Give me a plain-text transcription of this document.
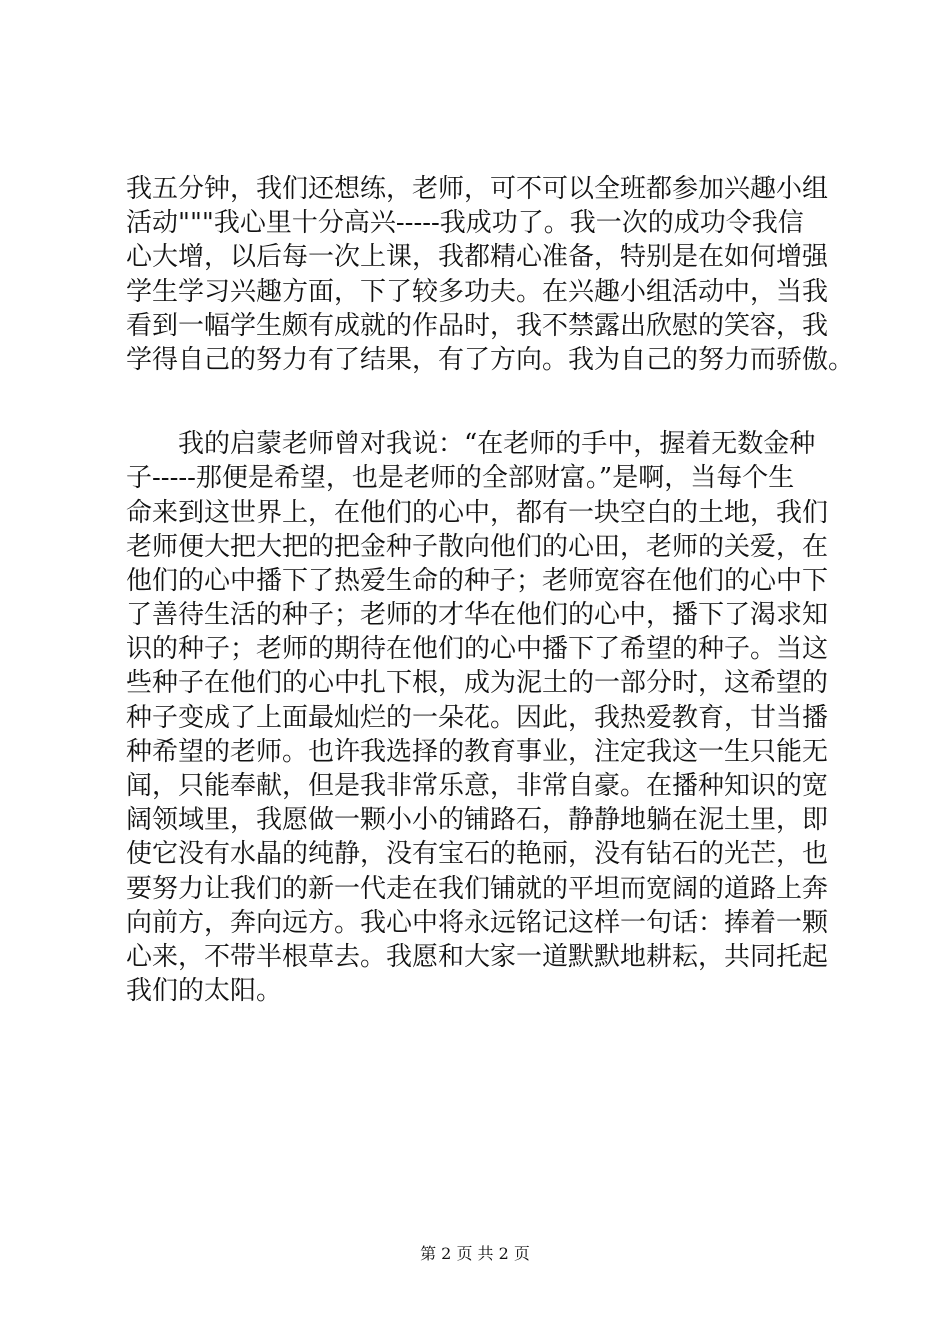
我五分钟，我们还想练，老师，可不可以全班都参加兴趣小组
活动"""我心里十分高兴-----我成功了。我一次的成功令我信
心大增，以后每一次上课，我都精心准备，特别是在如何增强
学生学习兴趣方面，下了较多功夫。在兴趣小组活动中，当我
看到一幅学生颇有成就的作品时，我不禁露出欣慰的笑容，我
学得自己的努力有了结果，有了方向。我为自己的努力而骄傲。
　　我的启蒙老师曾对我说：“在老师的手中，握着无数金种
子-----那便是希望，也是老师的全部财富。”是啊，当每个生
命来到这世界上，在他们的心中，都有一块空白的土地，我们
老师便大把大把的把金种子散向他们的心田，老师的关爱，在
他们的心中播下了热爱生命的种子；老师宽容在他们的心中下
了善待生活的种子；老师的才华在他们的心中，播下了渴求知
识的种子；老师的期待在他们的心中播下了希望的种子。当这
些种子在他们的心中扎下根，成为泥土的一部分时，这希望的
种子变成了上面最灿烂的一朵花。因此，我热爱教育，甘当播
种希望的老师。也许我选择的教育事业，注定我这一生只能无
闻，只能奉献，但是我非常乐意，非常自豪。在播种知识的宽
阔领域里，我愿做一颗小小的铺路石，静静地躺在泥土里，即
使它没有水晶的纯静，没有宝石的艳丽，没有钻石的光芒，也
要努力让我们的新一代走在我们铺就的平坦而宽阔的道路上奔
向前方，奔向远方。我心中将永远铭记这样一句话：捧着一颗
心来，不带半根草去。我愿和大家一道默默地耕耘，共同托起
我们的太阳。
第 2 页 共 2 页
